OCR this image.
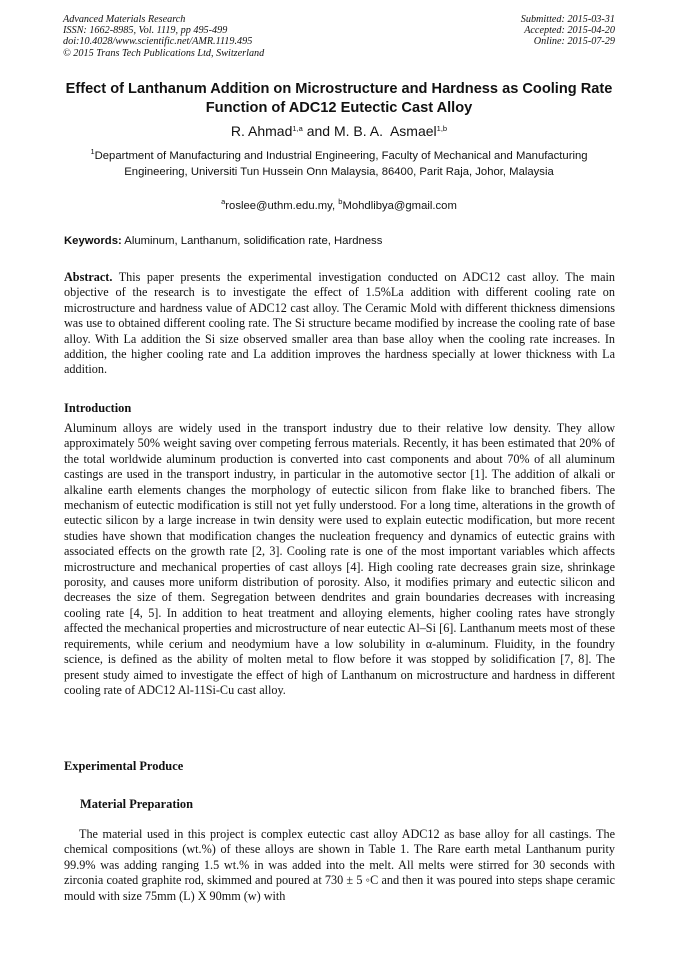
Advanced Materials Research
ISSN: 1662-8985, Vol. 1119, pp 495-499
doi:10.4028/www.scientific.net/AMR.1119.495
© 2015 Trans Tech Publications Ltd, Switzerland
Submitted: 2015-03-31
Accepted: 2015-04-20
Online: 2015-07-29
Effect of Lanthanum Addition on Microstructure and Hardness as Cooling Rate Function of ADC12 Eutectic Cast Alloy
R. Ahmad$^{1,a}$ and M. B. A.  Asmael$^{1,b}$
$^1$Department of Manufacturing and Industrial Engineering, Faculty of Mechanical and Manufacturing Engineering, Universiti Tun Hussein Onn Malaysia, 86400, Parit Raja, Johor, Malaysia
$^a$roslee@uthm.edu.my, $^b$Mohdlibya@gmail.com
Keywords: Aluminum, Lanthanum, solidification rate, Hardness
Abstract. This paper presents the experimental investigation conducted on ADC12 cast alloy. The main objective of the research is to investigate the effect of 1.5%La addition with different cooling rate on microstructure and hardness value of ADC12 cast alloy. The Ceramic Mold with different thickness dimensions was use to obtained different cooling rate. The Si structure became modified by increase the cooling rate of base alloy. With La addition the Si size observed smaller area than base alloy when the cooling rate increases. In addition, the higher cooling rate and La addition improves the hardness specially at lower thickness with La addition.
Introduction
Aluminum alloys are widely used in the transport industry due to their relative low density. They allow approximately 50% weight saving over competing ferrous materials. Recently, it has been estimated that 20% of the total worldwide aluminum production is converted into cast components and about 70% of all aluminum castings are used in the transport industry, in particular in the automotive sector [1]. The addition of alkali or alkaline earth elements changes the morphology of eutectic silicon from flake like to branched fibers. The mechanism of eutectic modification is still not yet fully understood. For a long time, alterations in the growth of eutectic silicon by a large increase in twin density were used to explain eutectic modification, but more recent studies have shown that modification changes the nucleation frequency and dynamics of eutectic grains with associated effects on the growth rate [2, 3]. Cooling rate is one of the most important variables which affects microstructure and mechanical properties of cast alloys [4]. High cooling rate decreases grain size, shrinkage porosity, and causes more uniform distribution of porosity. Also, it modifies primary and eutectic silicon and decreases the size of them. Segregation between dendrites and grain boundaries decreases with increasing cooling rate [4, 5]. In addition to heat treatment and alloying elements, higher cooling rates have strongly affected the mechanical properties and microstructure of near eutectic Al–Si [6]. Lanthanum meets most of these requirements, while cerium and neodymium have a low solubility in α-aluminum. Fluidity, in the foundry science, is defined as the ability of molten metal to flow before it was stopped by solidification [7, 8]. The present study aimed to investigate the effect of high of Lanthanum on microstructure and hardness in different cooling rate of ADC12 Al-11Si-Cu cast alloy.
Experimental Produce
Material Preparation
The material used in this project is complex eutectic cast alloy ADC12 as base alloy for all castings. The chemical compositions (wt.%) of these alloys are shown in Table 1. The Rare earth metal Lanthanum purity 99.9% was adding ranging 1.5 wt.% in was added into the melt. All melts were stirred for 30 seconds with zirconia coated graphite rod, skimmed and poured at 730 ± 5 ◦C and then it was poured into steps shape ceramic mould with size 75mm (L) X 90mm (w) with
